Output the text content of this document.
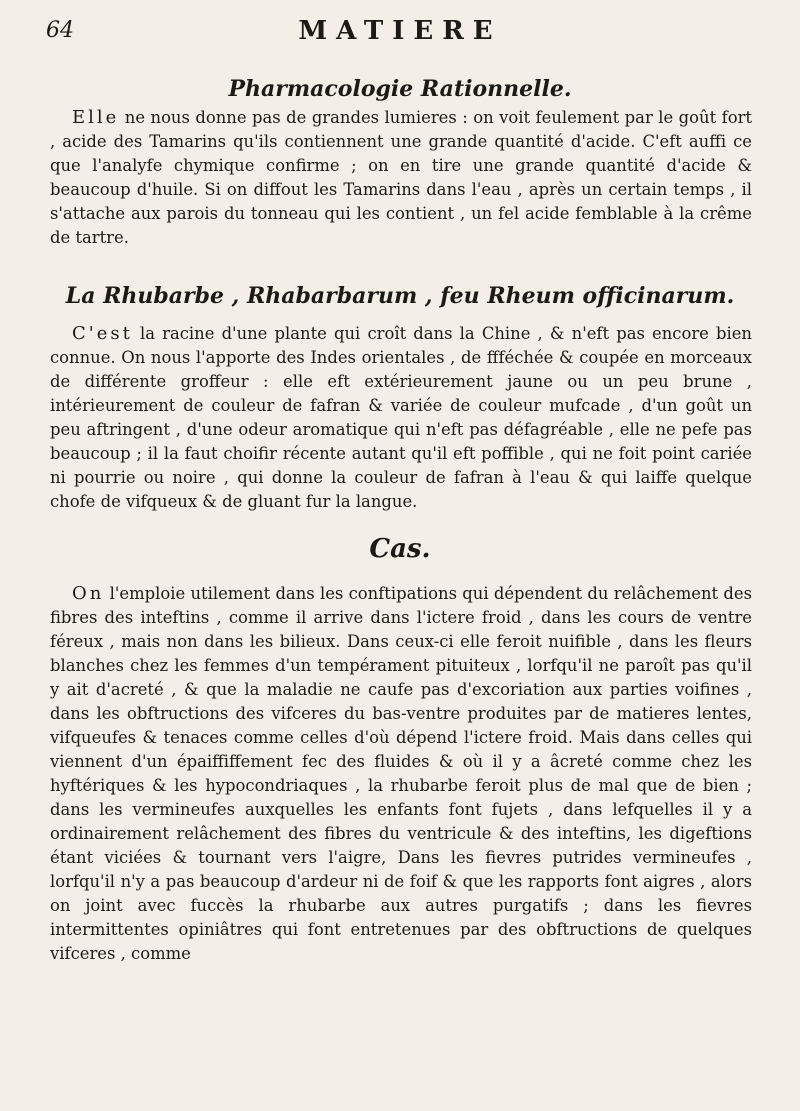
64	MATIERE
Pharmacologie Rationnelle.

Elle ne nous donne pas de grandes lumieres : on voit feulement par le goût fort , acide des Tamarins qu'ils contiennent une grande quantité d'acide. C'eft auffi ce que l'analyfe chymique confirme ; on en tire une grande quantité d'acide & beaucoup d'huile. Si on diffout les Tamarins dans l'eau , après un certain temps , il s'attache aux parois du tonneau qui les contient , un fel acide femblable à la crême de tartre.

La Rhubarbe , Rhabarbarum , feu Rheum officinarum.

C'est la racine d'une plante qui croît dans la Chine , & n'eft pas encore bien connue. On nous l'apporte des Indes orientales , de ffféchée & coupée en morceaux de différente groffeur : elle eft extérieurement jaune ou un peu brune , intérieurement de couleur de fafran & variée de couleur mufcade , d'un goût un peu aftringent , d'une odeur aromatique qui n'eft pas défagréable , elle ne pefe pas beaucoup ; il la faut choifir récente autant qu'il eft poffible , qui ne foit point cariée ni pourrie ou noire , qui donne la couleur de fafran à l'eau & qui laiffe quelque chofe de vifqueux & de gluant fur la langue.

Cas.

On l'emploie utilement dans les conftipations qui dépendent du relâchement des fibres des inteftins , comme il arrive dans l'ictere froid , dans les cours de ventre féreux , mais non dans les bilieux. Dans ceux-ci elle feroit nuifible , dans les fleurs blanches chez les femmes d'un tempérament pituiteux , lorfqu'il ne paroît pas qu'il y ait d'acreté , & que la maladie ne caufe pas d'excoriation aux parties voifines , dans les obftructions des vifceres du bas-ventre produites par de matieres lentes, vifqueufes & tenaces comme celles d'où dépend l'ictere froid. Mais dans celles qui viennent d'un épaiffiffement fec des fluides & où il y a âcreté comme chez les hyftériques & les hypocondriaques , la rhubarbe feroit plus de mal que de bien ; dans les vermineufes auxquelles les enfants font fujets , dans lefquelles il y a ordinairement relâchement des fibres du ventricule & des inteftins, les digeftions étant viciées & tournant vers l'aigre, Dans les fievres putrides vermineufes , lorfqu'il n'y a pas beaucoup d'ardeur ni de foif & que les rapports font aigres , alors on joint avec fuccès la rhubarbe aux autres purgatifs ; dans les fievres intermittentes opiniâtres qui font entretenues par des obftructions de quelques vifceres , comme
